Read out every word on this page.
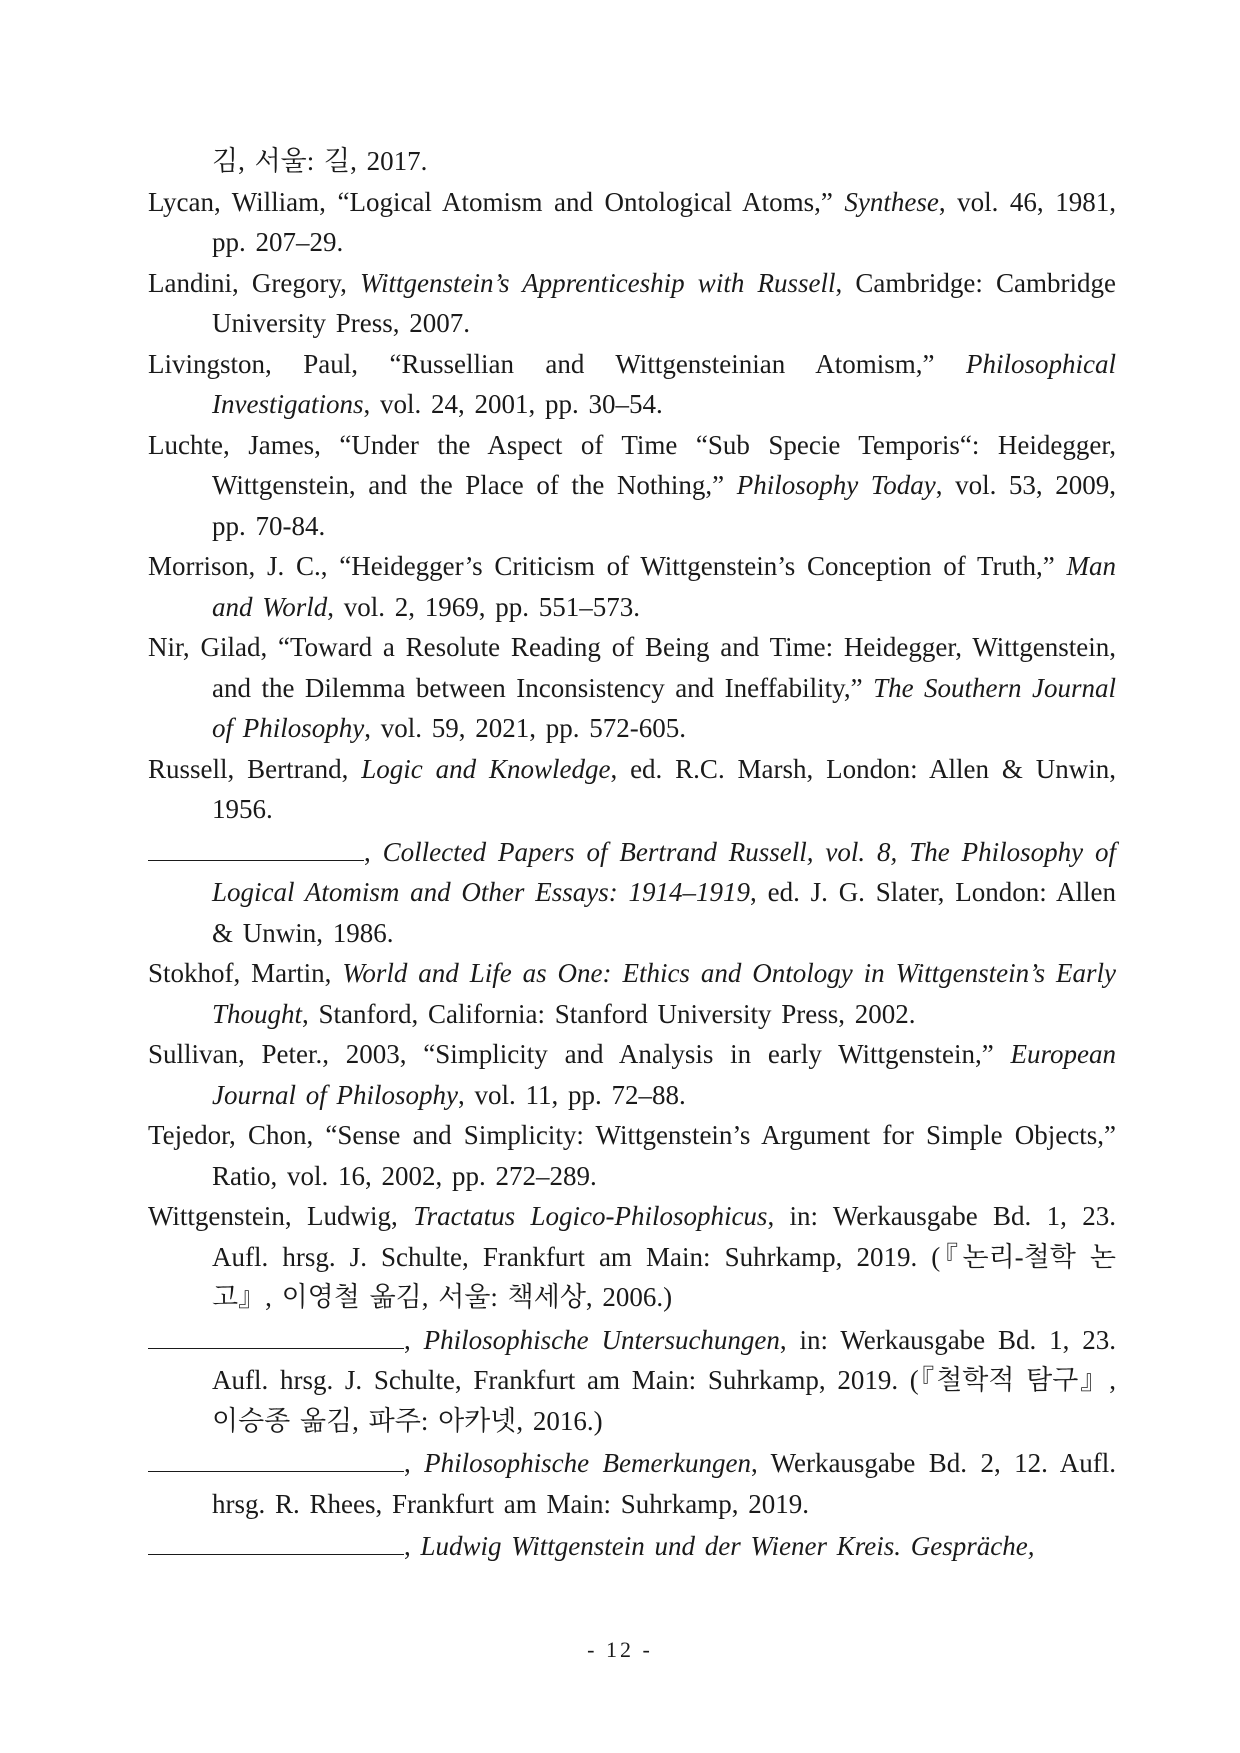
김, 서울: 길, 2017.
Lycan, William, “Logical Atomism and Ontological Atoms,” Synthese, vol. 46, 1981, pp. 207–29.
Landini, Gregory, Wittgenstein’s Apprenticeship with Russell, Cambridge: Cambridge University Press, 2007.
Livingston, Paul, “Russellian and Wittgensteinian Atomism,” Philosophical Investigations, vol. 24, 2001, pp. 30–54.
Luchte, James, “Under the Aspect of Time “Sub Specie Temporis“: Heidegger, Wittgenstein, and the Place of the Nothing,” Philosophy Today, vol. 53, 2009, pp. 70-84.
Morrison, J. C., “Heidegger’s Criticism of Wittgenstein’s Conception of Truth,” Man and World, vol. 2, 1969, pp. 551–573.
Nir, Gilad, “Toward a Resolute Reading of Being and Time: Heidegger, Wittgenstein, and the Dilemma between Inconsistency and Ineffability,” The Southern Journal of Philosophy, vol. 59, 2021, pp. 572-605.
Russell, Bertrand, Logic and Knowledge, ed. R.C. Marsh, London: Allen & Unwin, 1956.
, Collected Papers of Bertrand Russell, vol. 8, The Philosophy of Logical Atomism and Other Essays: 1914–1919, ed. J. G. Slater, London: Allen & Unwin, 1986.
Stokhof, Martin, World and Life as One: Ethics and Ontology in Wittgenstein’s Early Thought, Stanford, California: Stanford University Press, 2002.
Sullivan, Peter., 2003, “Simplicity and Analysis in early Wittgenstein,” European Journal of Philosophy, vol. 11, pp. 72–88.
Tejedor, Chon, “Sense and Simplicity: Wittgenstein’s Argument for Simple Objects,” Ratio, vol. 16, 2002, pp. 272–289.
Wittgenstein, Ludwig, Tractatus Logico-Philosophicus, in: Werkausgabe Bd. 1, 23. Aufl. hrsg. J. Schulte, Frankfurt am Main: Suhrkamp, 2019. (『논리-철학 논고』, 이영철 옮김, 서울: 책세상, 2006.)
, Philosophische Untersuchungen, in: Werkausgabe Bd. 1, 23. Aufl. hrsg. J. Schulte, Frankfurt am Main: Suhrkamp, 2019. (『철학적 탐구』, 이승종 옮김, 파주: 아카넷, 2016.)
, Philosophische Bemerkungen, Werkausgabe Bd. 2, 12. Aufl. hrsg. R. Rhees, Frankfurt am Main: Suhrkamp, 2019.
, Ludwig Wittgenstein und der Wiener Kreis. Gespräche,
- 12 -
